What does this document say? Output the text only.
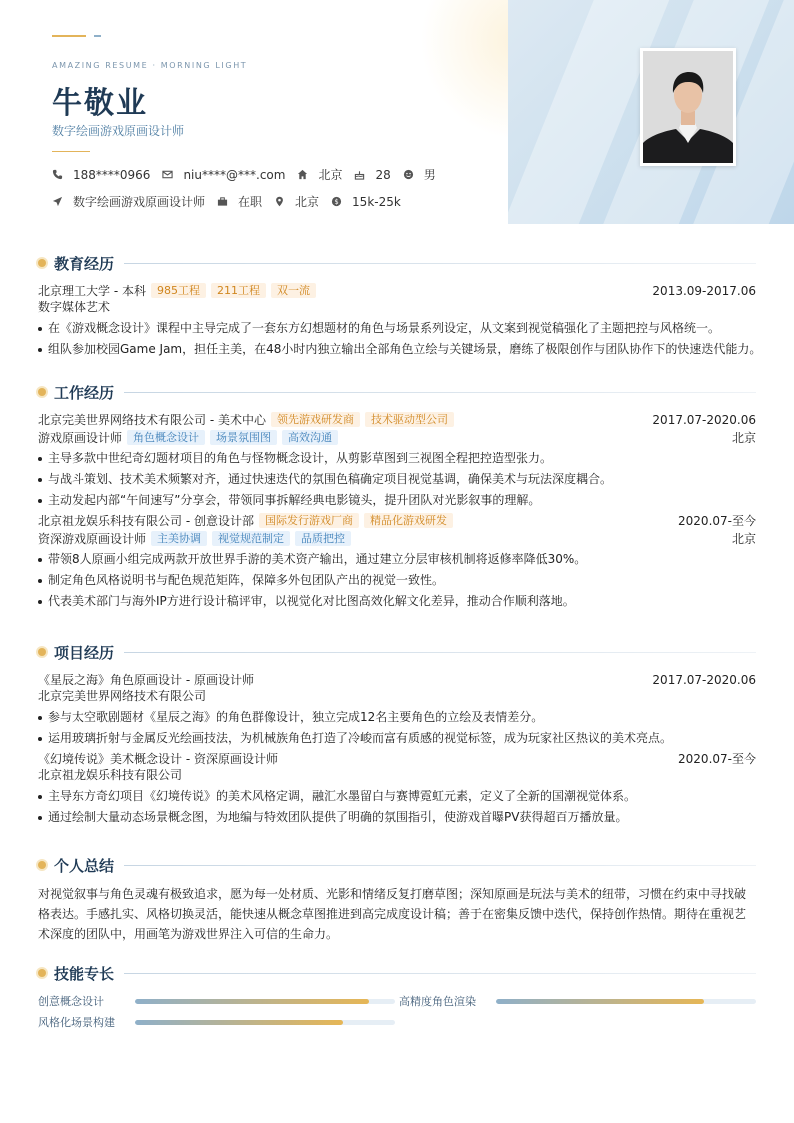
AMAZING RESUME · MORNING LIGHT
牛敬业
数字绘画游戏原画设计师
188****0966	niu****@***.com	北京	28	男
数字绘画游戏原画设计师	在职	北京 $ 15k-25k
教育经历
北京理工大学 - 本科	985工程	211工程	双一流	2013.09-2017.06
数字媒体艺术
在《游戏概念设计》课程中主导完成了一套东方幻想题材的角色与场景系列设定，从文案到视觉稿强化了主题把控与风格统一。
组队参加校园Game Jam，担任主美，在48小时内独立输出全部角色立绘与关键场景，磨练了极限创作与团队协作下的快速迭代能力。
工作经历
北京完美世界网络技术有限公司 - 美术中心	领先游戏研发商	技术驱动型公司	2017.07-2020.06
游戏原画设计师	角色概念设计	场景氛围图	高效沟通	北京
主导多款中世纪奇幻题材项目的角色与怪物概念设计，从剪影草图到三视图全程把控造型张力。
与战斗策划、技术美术频繁对齐，通过快速迭代的氛围色稿确定项目视觉基调，确保美术与玩法深度耦合。
主动发起内部“午间速写”分享会，带领同事拆解经典电影镜头，提升团队对光影叙事的理解。
北京祖龙娱乐科技有限公司 - 创意设计部	国际发行游戏厂商	精品化游戏研发	2020.07-至今
资深游戏原画设计师	主美协调	视觉规范制定	品质把控	北京
带领8人原画小组完成两款开放世界手游的美术资产输出，通过建立分层审核机制将返修率降低30%。
制定角色风格说明书与配色规范矩阵，保障多外包团队产出的视觉一致性。
代表美术部门与海外IP方进行设计稿评审，以视觉化对比图高效化解文化差异，推动合作顺利落地。
项目经历
《星辰之海》角色原画设计 - 原画设计师	2017.07-2020.06
北京完美世界网络技术有限公司
参与太空歌剧题材《星辰之海》的角色群像设计，独立完成12名主要角色的立绘及表情差分。
运用玻璃折射与金属反光绘画技法，为机械族角色打造了冷峻而富有质感的视觉标签，成为玩家社区热议的美术亮点。
《幻境传说》美术概念设计 - 资深原画设计师	2020.07-至今
北京祖龙娱乐科技有限公司
主导东方奇幻项目《幻境传说》的美术风格定调，融汇水墨留白与赛博霓虹元素，定义了全新的国潮视觉体系。
通过绘制大量动态场景概念图，为地编与特效团队提供了明确的氛围指引，使游戏首曝PV获得超百万播放量。
个人总结
对视觉叙事与角色灵魂有极致追求，愿为每一处材质、光影和情绪反复打磨草图；深知原画是玩法与美术的纽带，习惯在约束中寻找破格表达。手感扎实、风格切换灵活，能快速从概念草图推进到高完成度设计稿；善于在密集反馈中迭代，保持创作热情。期待在重视艺术深度的团队中，用画笔为游戏世界注入可信的生命力。
技能专长
创意概念设计	高精度角色渲染
风格化场景构建
